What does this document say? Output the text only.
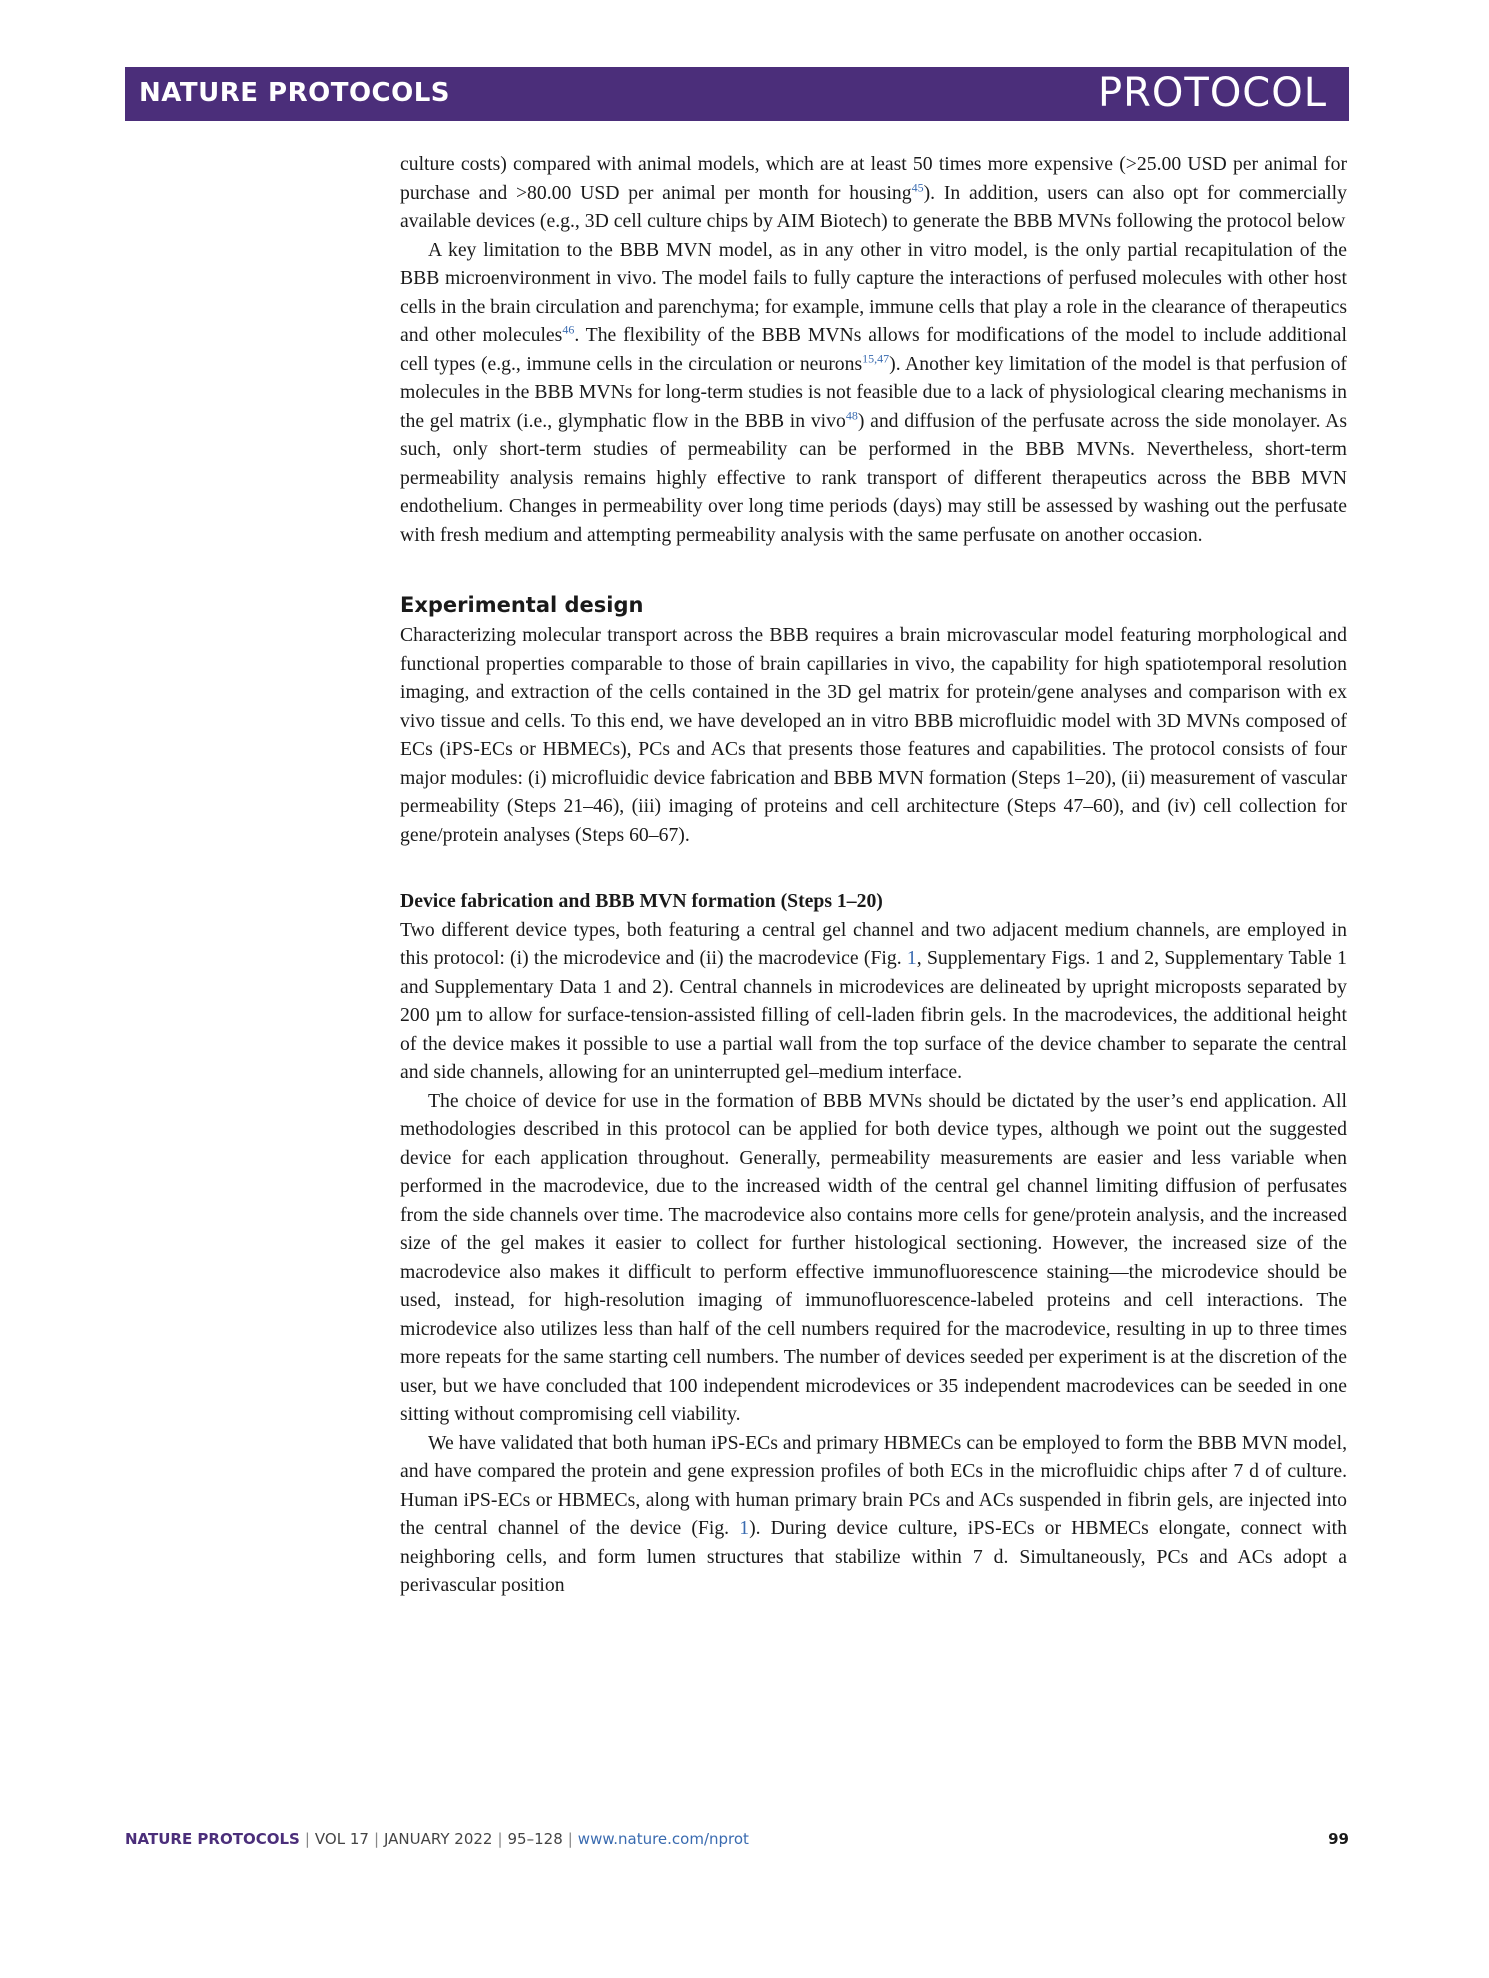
NATURE PROTOCOLS	PROTOCOL

culture costs) compared with animal models, which are at least 50 times more expensive (>25.00 USD per animal for purchase and >80.00 USD per animal per month for housing$^{45}$). In addition, users can also opt for commercially available devices (e.g., 3D cell culture chips by AIM Biotech) to generate the BBB MVNs following the protocol below

A key limitation to the BBB MVN model, as in any other in vitro model, is the only partial recapitulation of the BBB microenvironment in vivo. The model fails to fully capture the interactions of perfused molecules with other host cells in the brain circulation and parenchyma; for example, immune cells that play a role in the clearance of therapeutics and other molecules$^{46}$. The flexibility of the BBB MVNs allows for modifications of the model to include additional cell types (e.g., immune cells in the circulation or neurons$^{15,47}$). Another key limitation of the model is that perfusion of molecules in the BBB MVNs for long-term studies is not feasible due to a lack of physiological clearing mechanisms in the gel matrix (i.e., glymphatic flow in the BBB in vivo$^{48}$) and diffusion of the perfusate across the side monolayer. As such, only short-term studies of permeability can be performed in the BBB MVNs. Nevertheless, short-term permeability analysis remains highly effective to rank transport of different therapeutics across the BBB MVN endothelium. Changes in permeability over long time periods (days) may still be assessed by washing out the perfusate with fresh medium and attempting permeability analysis with the same perfusate on another occasion.

Experimental design

Characterizing molecular transport across the BBB requires a brain microvascular model featuring morphological and functional properties comparable to those of brain capillaries in vivo, the capability for high spatiotemporal resolution imaging, and extraction of the cells contained in the 3D gel matrix for protein/gene analyses and comparison with ex vivo tissue and cells. To this end, we have developed an in vitro BBB microfluidic model with 3D MVNs composed of ECs (iPS-ECs or HBMECs), PCs and ACs that presents those features and capabilities. The protocol consists of four major modules: (i) microfluidic device fabrication and BBB MVN formation (Steps 1–20), (ii) measurement of vascular permeability (Steps 21–46), (iii) imaging of proteins and cell architecture (Steps 47–60), and (iv) cell collection for gene/protein analyses (Steps 60–67).

Device fabrication and BBB MVN formation (Steps 1–20)

Two different device types, both featuring a central gel channel and two adjacent medium channels, are employed in this protocol: (i) the microdevice and (ii) the macrodevice (Fig. 1, Supplementary Figs. 1 and 2, Supplementary Table 1 and Supplementary Data 1 and 2). Central channels in microdevices are delineated by upright microposts separated by 200 µm to allow for surface-tension-assisted filling of cell-laden fibrin gels. In the macrodevices, the additional height of the device makes it possible to use a partial wall from the top surface of the device chamber to separate the central and side channels, allowing for an uninterrupted gel–medium interface.

The choice of device for use in the formation of BBB MVNs should be dictated by the user’s end application. All methodologies described in this protocol can be applied for both device types, although we point out the suggested device for each application throughout. Generally, permeability measurements are easier and less variable when performed in the macrodevice, due to the increased width of the central gel channel limiting diffusion of perfusates from the side channels over time. The macrodevice also contains more cells for gene/protein analysis, and the increased size of the gel makes it easier to collect for further histological sectioning. However, the increased size of the macrodevice also makes it difficult to perform effective immunofluorescence staining—the microdevice should be used, instead, for high-resolution imaging of immunofluorescence-labeled proteins and cell interactions. The microdevice also utilizes less than half of the cell numbers required for the macrodevice, resulting in up to three times more repeats for the same starting cell numbers. The number of devices seeded per experiment is at the discretion of the user, but we have concluded that 100 independent microdevices or 35 independent macrodevices can be seeded in one sitting without compromising cell viability.

We have validated that both human iPS-ECs and primary HBMECs can be employed to form the BBB MVN model, and have compared the protein and gene expression profiles of both ECs in the microfluidic chips after 7 d of culture. Human iPS-ECs or HBMECs, along with human primary brain PCs and ACs suspended in fibrin gels, are injected into the central channel of the device (Fig. 1). During device culture, iPS-ECs or HBMECs elongate, connect with neighboring cells, and form lumen structures that stabilize within 7 d. Simultaneously, PCs and ACs adopt a perivascular position

NATURE PROTOCOLS | VOL 17 | JANUARY 2022 | 95–128 | www.nature.com/nprot	99
